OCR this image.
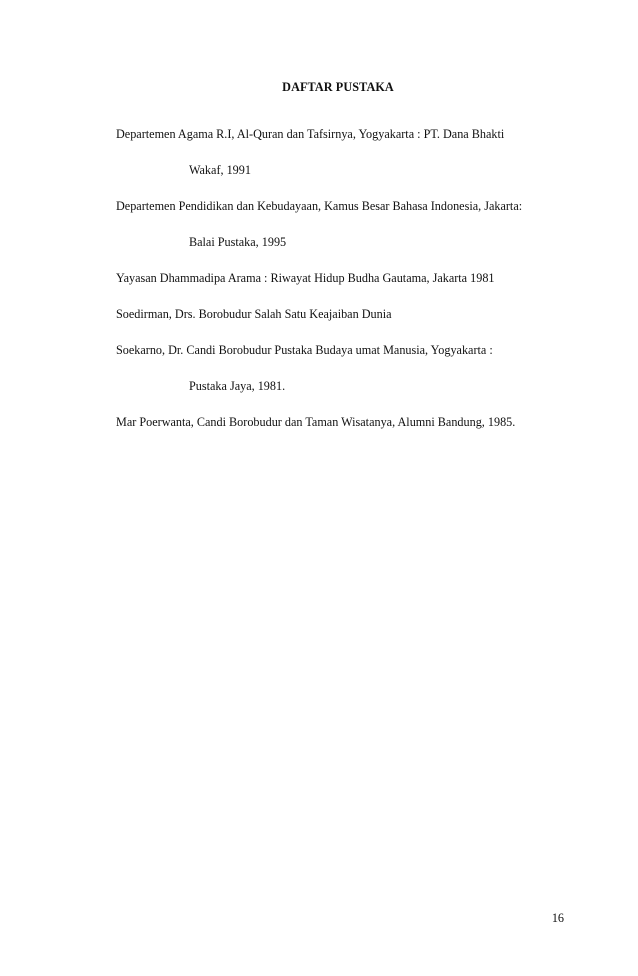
DAFTAR PUSTAKA
Departemen Agama R.I, Al-Quran dan Tafsirnya, Yogyakarta : PT. Dana Bhakti
Wakaf, 1991
Departemen Pendidikan dan Kebudayaan, Kamus Besar Bahasa Indonesia, Jakarta:
Balai Pustaka, 1995
Yayasan Dhammadipa Arama : Riwayat Hidup Budha Gautama, Jakarta 1981
Soedirman, Drs. Borobudur Salah Satu Keajaiban Dunia
Soekarno, Dr. Candi Borobudur Pustaka Budaya umat Manusia, Yogyakarta :
Pustaka Jaya, 1981.
Mar Poerwanta, Candi Borobudur dan Taman Wisatanya, Alumni Bandung, 1985.
16
